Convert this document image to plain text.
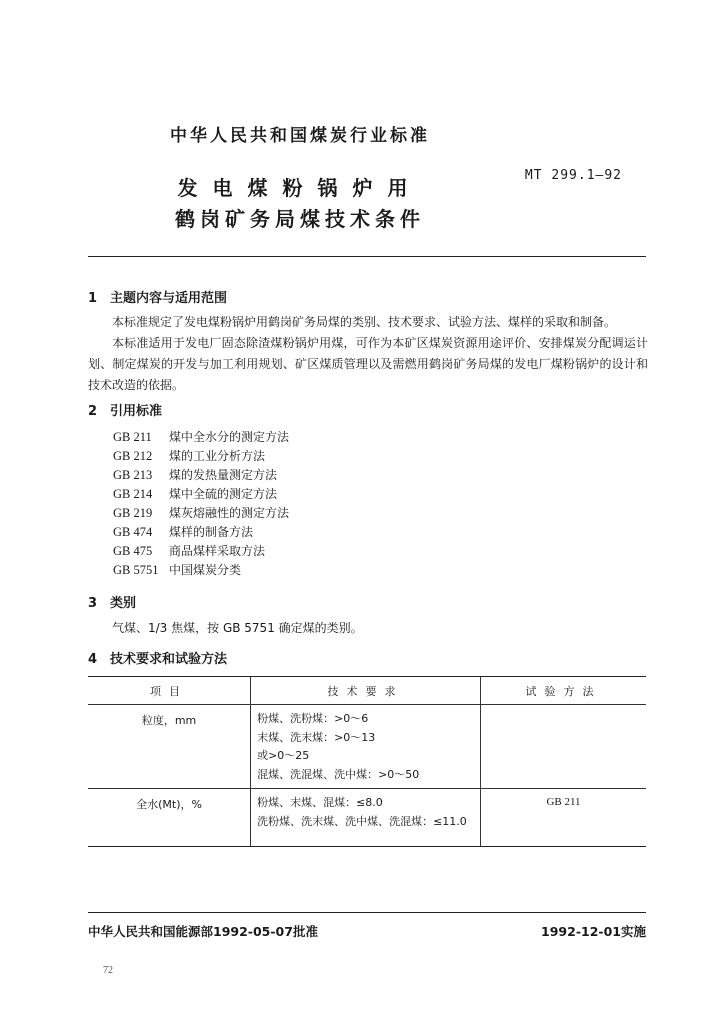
中华人民共和国煤炭行业标准
发电煤粉锅炉用
鹤岗矿务局煤技术条件
MT 299.1—92
1 主题内容与适用范围
本标准规定了发电煤粉锅炉用鹤岗矿务局煤的类别、技术要求、试验方法、煤样的采取和制备。
本标准适用于发电厂固态除渣煤粉锅炉用煤，可作为本矿区煤炭资源用途评价、安排煤炭分配调运计划、制定煤炭的开发与加工利用规划、矿区煤质管理以及需燃用鹤岗矿务局煤的发电厂煤粉锅炉的设计和技术改造的依据。
2 引用标准
GB 211 煤中全水分的测定方法
GB 212 煤的工业分析方法
GB 213 煤的发热量测定方法
GB 214 煤中全硫的测定方法
GB 219 煤灰熔融性的测定方法
GB 474 煤样的制备方法
GB 475 商品煤样采取方法
GB 5751 中国煤炭分类
3 类别
气煤、1/3 焦煤，按 GB 5751 确定煤的类别。
4 技术要求和试验方法
项目	技术要求	试验方法

粒度，mm	粉煤、洗粉煤：>0～6
末煤、洗末煤：>0～13
或>0～25
混煤、洗混煤、洗中煤：>0～50	

全水(Mt)，%	粉煤、末煤、混煤：≤8.0
洗粉煤、洗末煤、洗中煤、洗混煤：≤11.0	GB 211
中华人民共和国能源部1992-05-07批准	1992-12-01实施
72
